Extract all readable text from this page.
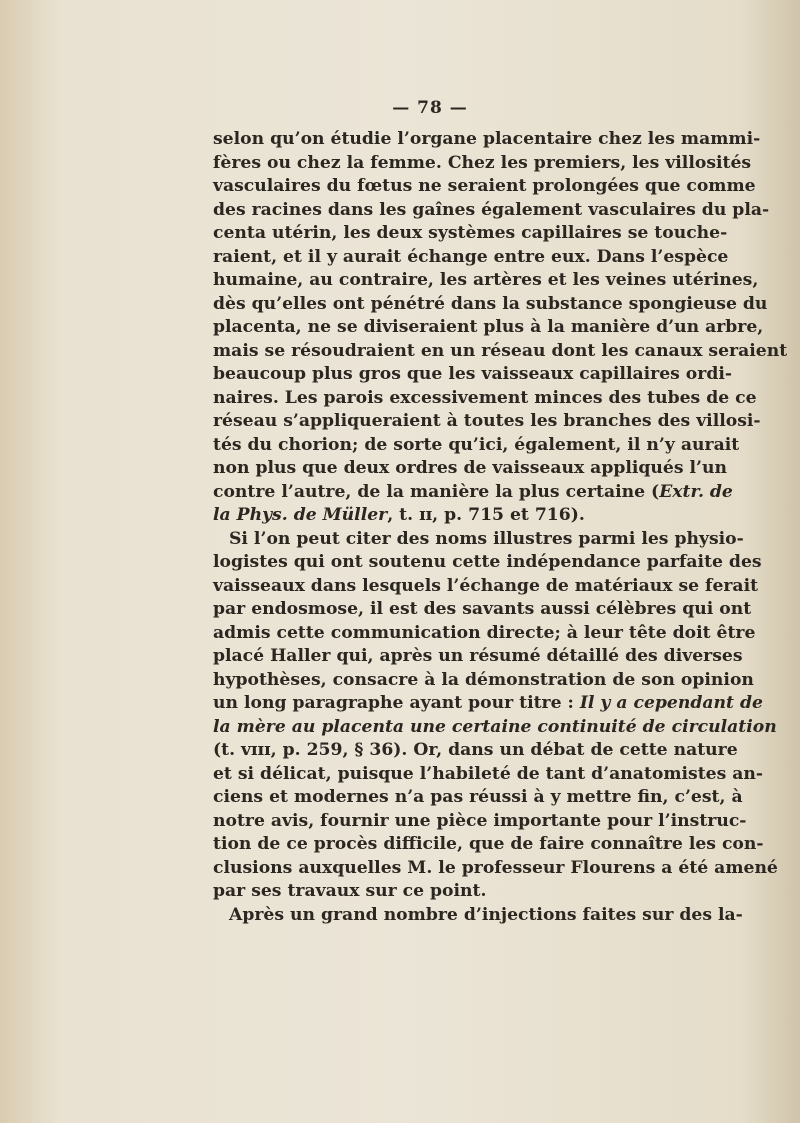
— 78 —
selon qu’on étudie l’organe placentaire chez les mammi-
fères ou chez la femme. Chez les premiers, les villosités
vasculaires du fœtus ne seraient prolongées que comme
des racines dans les gaînes également vasculaires du pla-
centa utérin, les deux systèmes capillaires se touche-
raient, et il y aurait échange entre eux. Dans l’espèce
humaine, au contraire, les artères et les veines utérines,
dès qu’elles ont pénétré dans la substance spongieuse du
placenta, ne se diviseraient plus à la manière d’un arbre,
mais se résoudraient en un réseau dont les canaux seraient
beaucoup plus gros que les vaisseaux capillaires ordi-
naires. Les parois excessivement minces des tubes de ce
réseau s’appliqueraient à toutes les branches des villosi-
tés du chorion; de sorte qu’ici, également, il n’y aurait
non plus que deux ordres de vaisseaux appliqués l’un
contre l’autre, de la manière la plus certaine (Extr. de
la Phys. de Müller, t. ɪɪ, p. 715 et 716).
Si l’on peut citer des noms illustres parmi les physio-
logistes qui ont soutenu cette indépendance parfaite des
vaisseaux dans lesquels l’échange de matériaux se ferait
par endosmose, il est des savants aussi célèbres qui ont
admis cette communication directe; à leur tête doit être
placé Haller qui, après un résumé détaillé des diverses
hypothèses, consacre à la démonstration de son opinion
un long paragraphe ayant pour titre : Il y a cependant de
la mère au placenta une certaine continuité de circulation
(t. ᴠɪɪɪ, p. 259, § 36). Or, dans un débat de cette nature
et si délicat, puisque l’habileté de tant d’anatomistes an-
ciens et modernes n’a pas réussi à y mettre fin, c’est, à
notre avis, fournir une pièce importante pour l’instruc-
tion de ce procès difficile, que de faire connaître les con-
clusions auxquelles M. le professeur Flourens a été amené
par ses travaux sur ce point.
Après un grand nombre d’injections faites sur des la-
